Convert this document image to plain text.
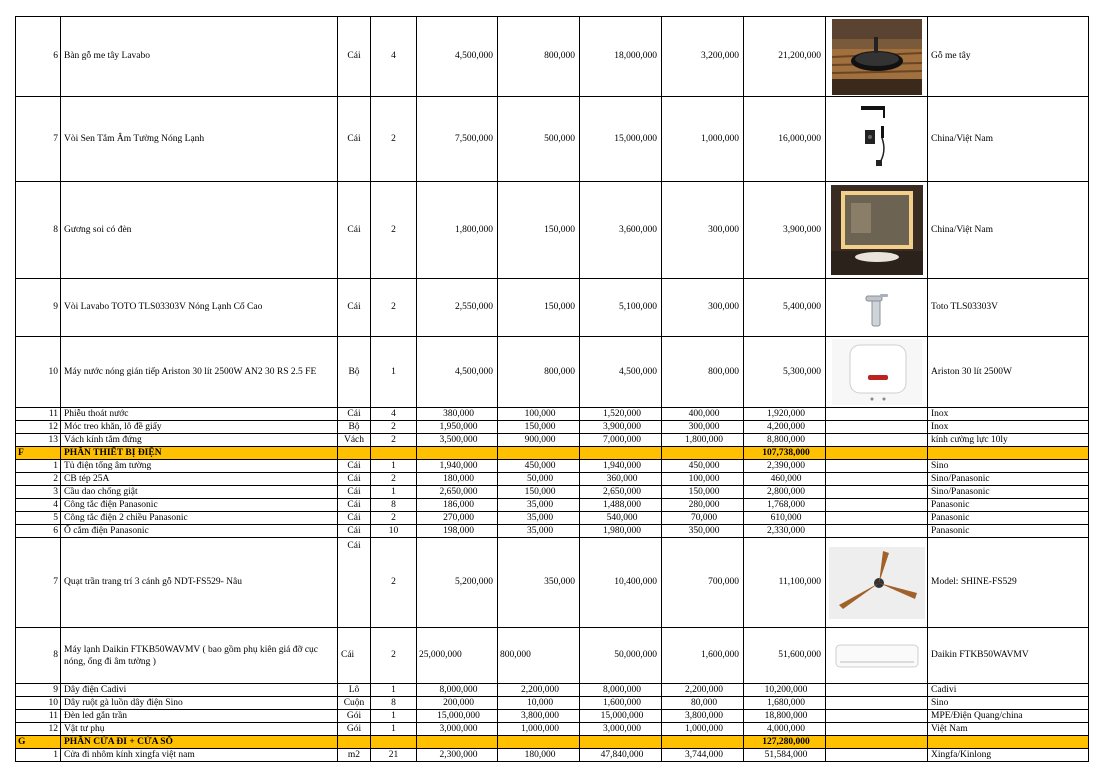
6	Bàn gỗ me tây Lavabo	Cái	4	4,500,000	800,000	18,000,000	3,200,000	21,200,000		Gỗ me tây
7	Vòi Sen Tắm Âm Tường Nóng Lạnh	Cái	2	7,500,000	500,000	15,000,000	1,000,000	16,000,000		China/Việt Nam
8	Gương soi có đèn	Cái	2	1,800,000	150,000	3,600,000	300,000	3,900,000		China/Việt Nam
9	Vòi Lavabo TOTO TLS03303V Nóng Lạnh Cổ Cao	Cái	2	2,550,000	150,000	5,100,000	300,000	5,400,000		Toto TLS03303V
10	Máy nước nóng gián tiếp Ariston 30 lít 2500W AN2 30 RS 2.5 FE	Bộ	1	4,500,000	800,000	4,500,000	800,000	5,300,000		Ariston 30 lít 2500W
11	Phiễu thoát nước	Cái	4	380,000	100,000	1,520,000	400,000	1,920,000		Inox
12	Móc treo khăn, lô đề giấy	Bộ	2	1,950,000	150,000	3,900,000	300,000	4,200,000		Inox
13	Vách kính tắm đứng	Vách	2	3,500,000	900,000	7,000,000	1,800,000	8,800,000		kính cường lực 10ly
F	PHẦN THIẾT BỊ ĐIỆN							107,738,000		
1	Tủ điện tổng âm tường	Cái	1	1,940,000	450,000	1,940,000	450,000	2,390,000		Sino
2	CB tép 25A	Cái	2	180,000	50,000	360,000	100,000	460,000		Sino/Panasonic
3	Cầu dao chống giật	Cái	1	2,650,000	150,000	2,650,000	150,000	2,800,000		Sino/Panasonic
4	Công tắc điện Panasonic	Cái	8	186,000	35,000	1,488,000	280,000	1,768,000		Panasonic
5	Công tắc điện 2 chiều Panasonic	Cái	2	270,000	35,000	540,000	70,000	610,000		Panasonic
6	Ổ cắm điện Panasonic	Cái	10	198,000	35,000	1,980,000	350,000	2,330,000		Panasonic
7	Quạt trần trang trí 3 cánh gỗ NDT-FS529- Nâu	Cái	2	5,200,000	350,000	10,400,000	700,000	11,100,000		Model: SHINE-FS529
8	Máy lạnh Daikin FTKB50WAVMV ( bao gồm phụ kiên giá đỡ cục nóng, ống đi âm tường )	Cái	2	25,000,000	800,000	50,000,000	1,600,000	51,600,000		Daikin FTKB50WAVMV
9	Dây điện Cadivi	Lô	1	8,000,000	2,200,000	8,000,000	2,200,000	10,200,000		Cadivi
10	Dây ruột gà luồn dây điện Sino	Cuộn	8	200,000	10,000	1,600,000	80,000	1,680,000		Sino
11	Đèn led gắn trần	Gói	1	15,000,000	3,800,000	15,000,000	3,800,000	18,800,000		MPE/Điện Quang/china
12	Vật tư phụ	Gói	1	3,000,000	1,000,000	3,000,000	1,000,000	4,000,000		Việt Nam
G	PHẦN CỬA ĐI + CỬA SỔ							127,280,000		
1	Cửa đi nhôm kính xingfa việt nam	m2	21	2,300,000	180,000	47,840,000	3,744,000	51,584,000		Xingfa/Kinlong
